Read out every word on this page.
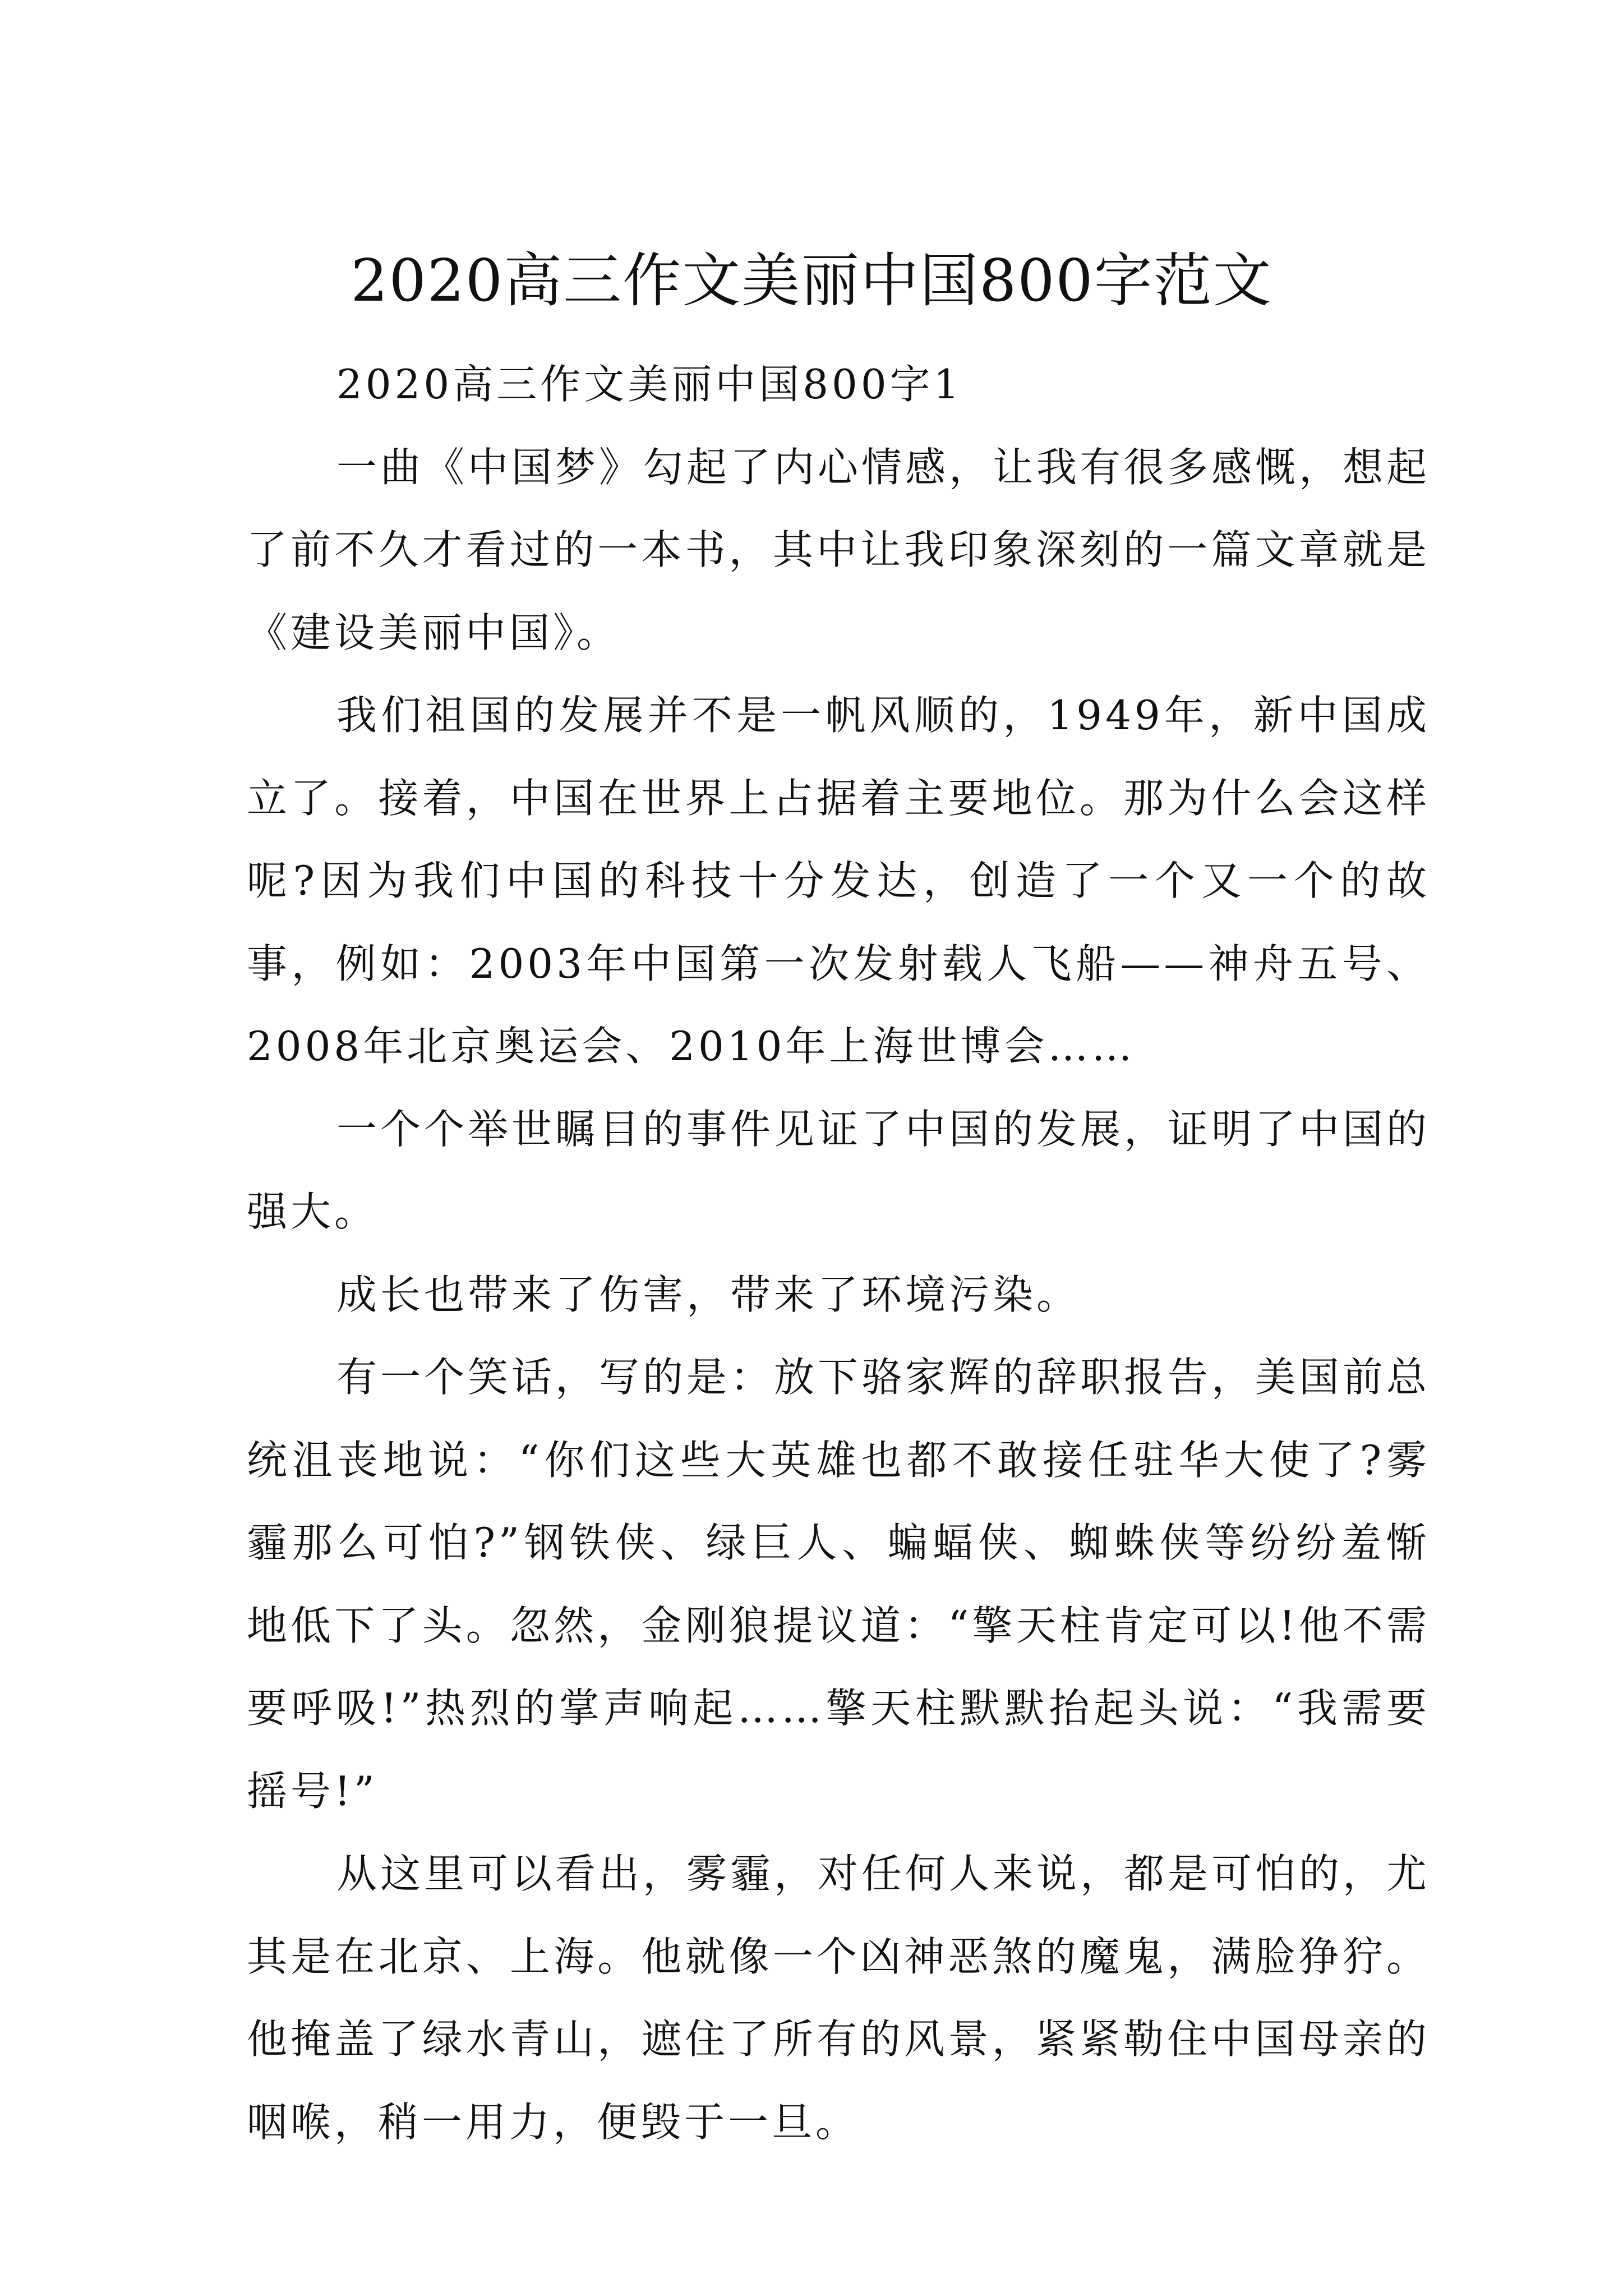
2020高三作文美丽中国800字范文

2020高三作文美丽中国800字1

一曲《中国梦》勾起了内心情感，让我有很多感慨，想起了前不久才看过的一本书，其中让我印象深刻的一篇文章就是《建设美丽中国》。

我们祖国的发展并不是一帆风顺的，1949年，新中国成立了。接着，中国在世界上占据着主要地位。那为什么会这样呢?因为我们中国的科技十分发达，创造了一个又一个的故事，例如：2003年中国第一次发射载人飞船——神舟五号、2008年北京奥运会、2010年上海世博会……

一个个举世瞩目的事件见证了中国的发展，证明了中国的强大。

成长也带来了伤害，带来了环境污染。

有一个笑话，写的是：放下骆家辉的辞职报告，美国前总统沮丧地说：“你们这些大英雄也都不敢接任驻华大使了?雾霾那么可怕?”钢铁侠、绿巨人、蝙蝠侠、蜘蛛侠等纷纷羞惭地低下了头。忽然，金刚狼提议道：“擎天柱肯定可以!他不需要呼吸!”热烈的掌声响起……擎天柱默默抬起头说：“我需要摇号!”

从这里可以看出，雾霾，对任何人来说，都是可怕的，尤其是在北京、上海。他就像一个凶神恶煞的魔鬼，满脸狰狞。他掩盖了绿水青山，遮住了所有的风景，紧紧勒住中国母亲的咽喉，稍一用力，便毁于一旦。
